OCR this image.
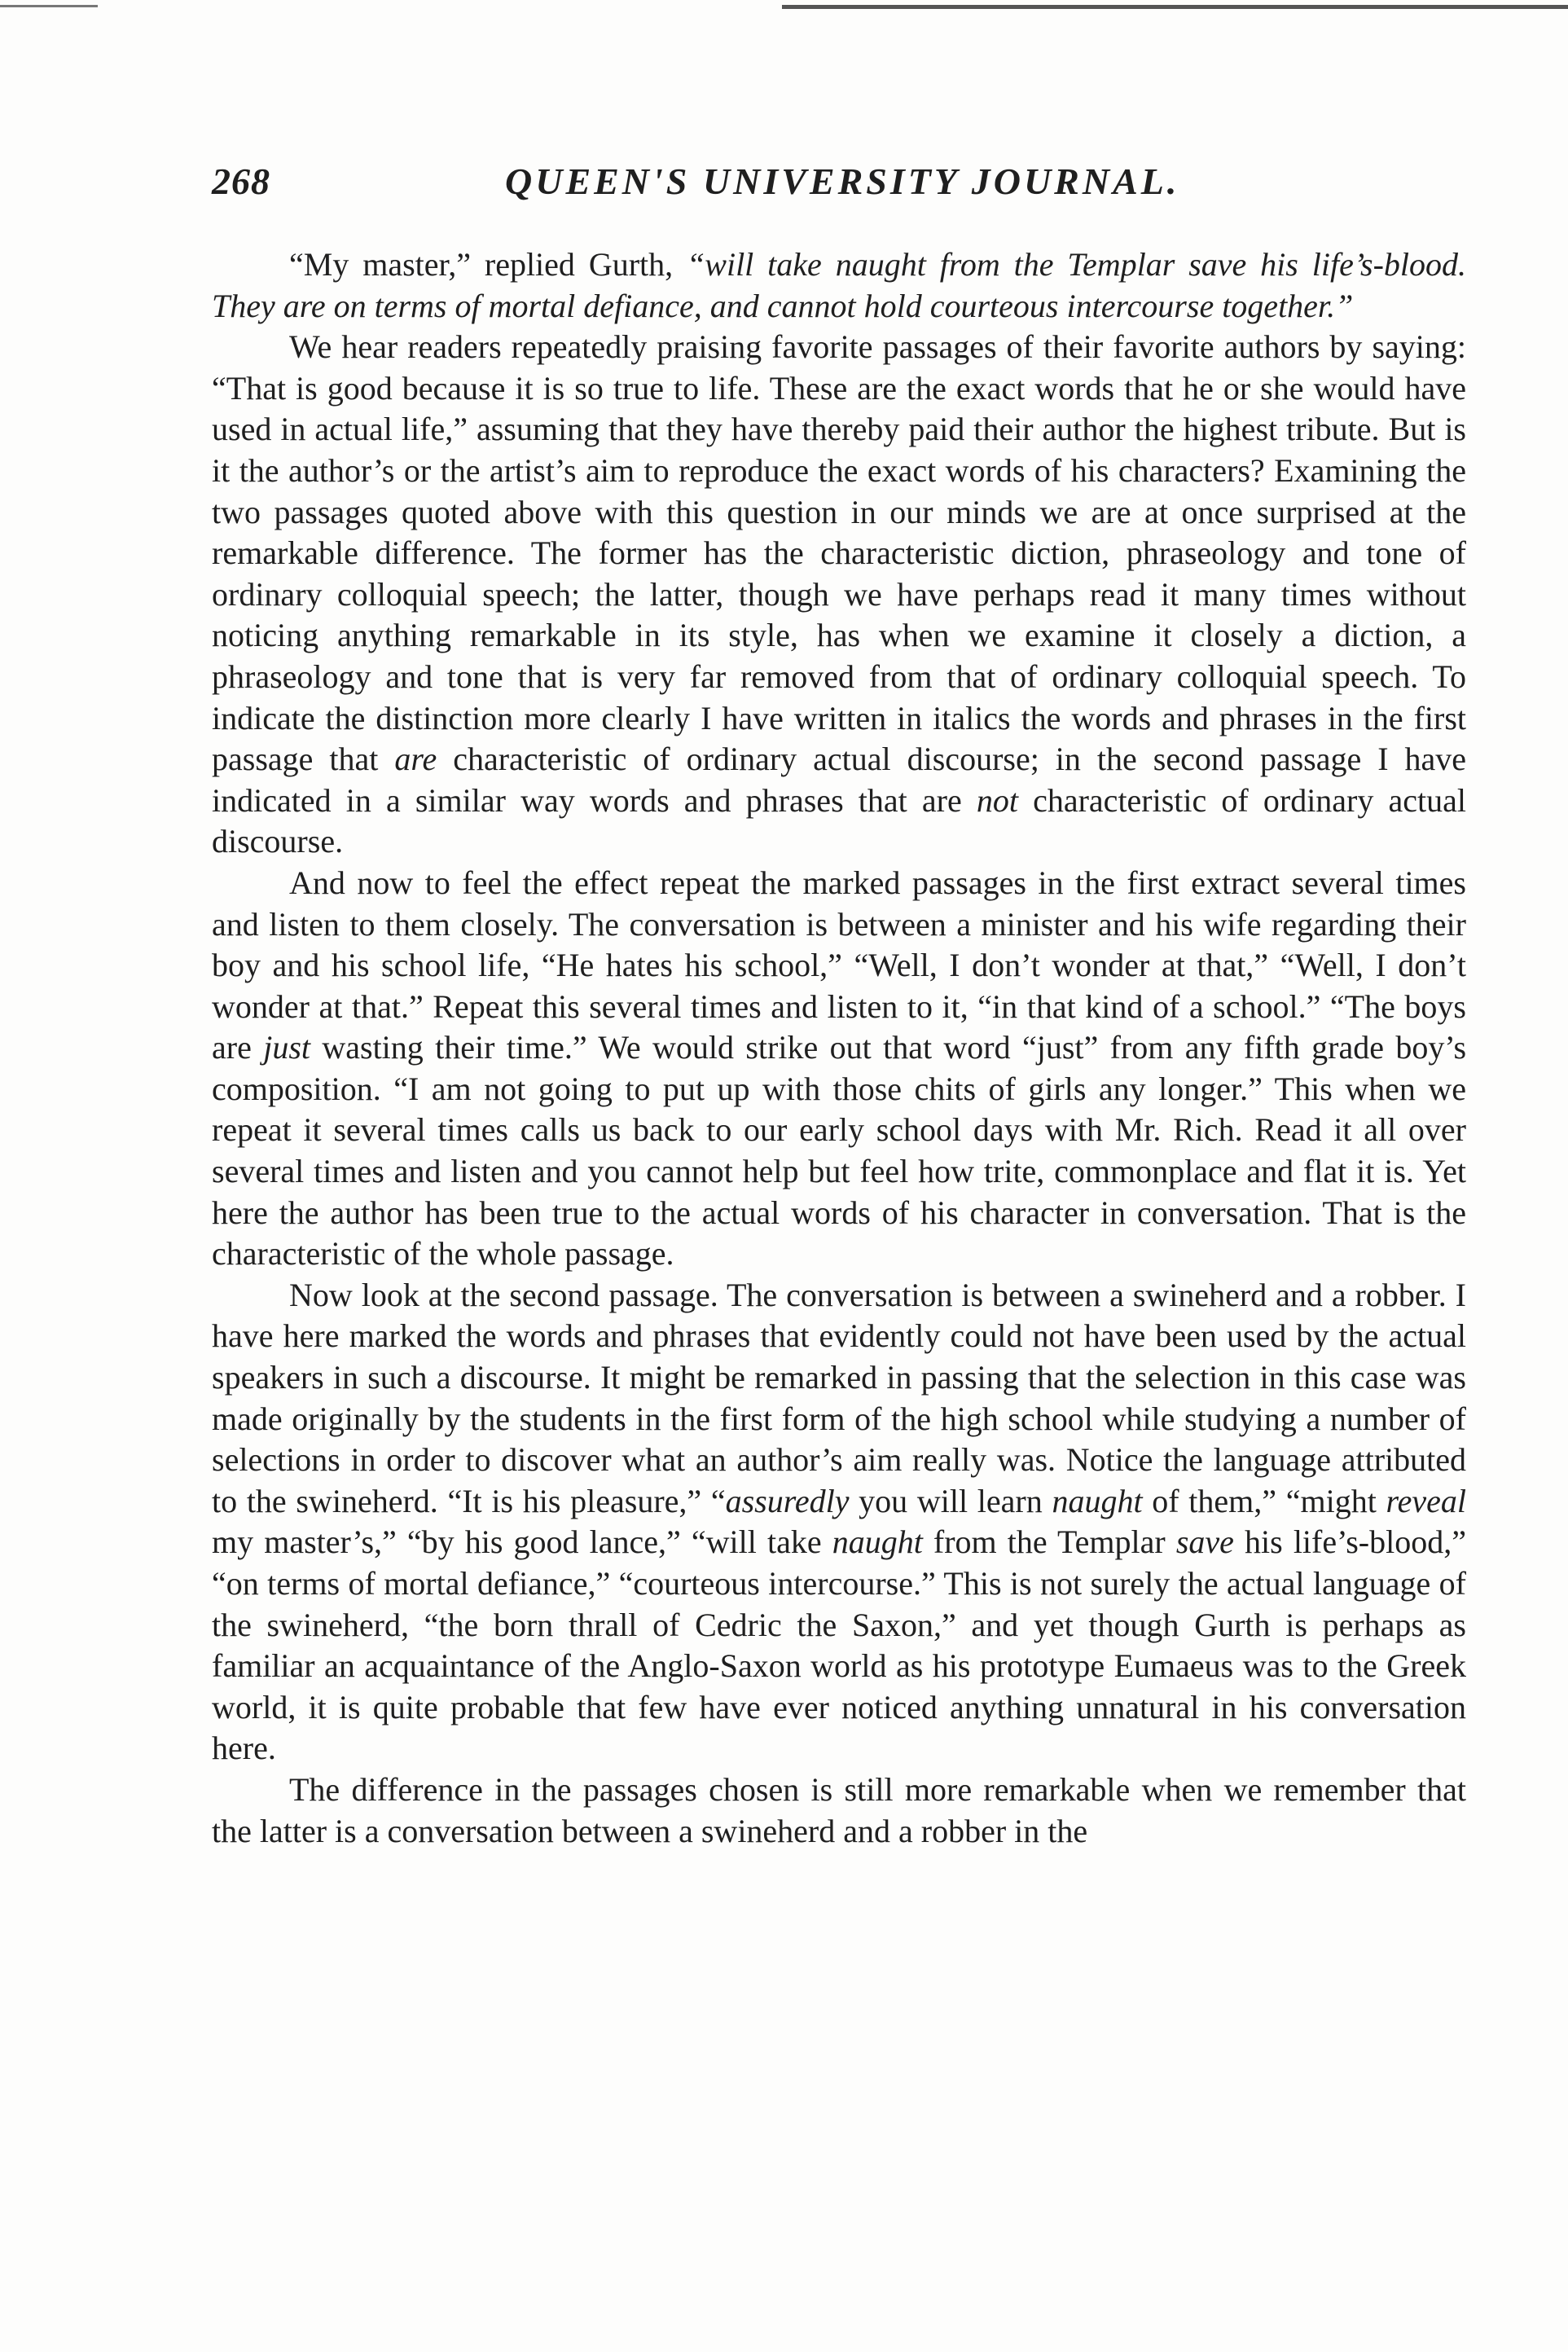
268	QUEEN'S UNIVERSITY JOURNAL.

“My master,” replied Gurth, “will take naught from the Templar save his life’s-blood. They are on terms of mortal defiance, and cannot hold courteous intercourse together.”

We hear readers repeatedly praising favorite passages of their favorite authors by saying: “That is good because it is so true to life. These are the exact words that he or she would have used in actual life,” assuming that they have thereby paid their author the highest tribute. But is it the author’s or the artist’s aim to reproduce the exact words of his characters? Examining the two passages quoted above with this question in our minds we are at once surprised at the remarkable difference. The former has the characteristic diction, phraseology and tone of ordinary colloquial speech; the latter, though we have perhaps read it many times without noticing anything remarkable in its style, has when we examine it closely a diction, a phraseology and tone that is very far removed from that of ordinary colloquial speech. To indicate the distinction more clearly I have written in italics the words and phrases in the first passage that are characteristic of ordinary actual discourse; in the second passage I have indicated in a similar way words and phrases that are not characteristic of ordinary actual discourse.

And now to feel the effect repeat the marked passages in the first extract several times and listen to them closely. The conversation is between a minister and his wife regarding their boy and his school life, “He hates his school,” “Well, I don’t wonder at that,” “Well, I don’t wonder at that.” Repeat this several times and listen to it, “in that kind of a school.” “The boys are just wasting their time.” We would strike out that word “just” from any fifth grade boy’s composition. “I am not going to put up with those chits of girls any longer.” This when we repeat it several times calls us back to our early school days with Mr. Rich. Read it all over several times and listen and you cannot help but feel how trite, commonplace and flat it is. Yet here the author has been true to the actual words of his character in conversation. That is the characteristic of the whole passage.

Now look at the second passage. The conversation is between a swineherd and a robber. I have here marked the words and phrases that evidently could not have been used by the actual speakers in such a discourse. It might be remarked in passing that the selection in this case was made originally by the students in the first form of the high school while studying a number of selections in order to discover what an author’s aim really was. Notice the language attributed to the swineherd. “It is his pleasure,” “assuredly you will learn naught of them,” “might reveal my master’s,” “by his good lance,” “will take naught from the Templar save his life’s-blood,” “on terms of mortal defiance,” “courteous intercourse.” This is not surely the actual language of the swineherd, “the born thrall of Cedric the Saxon,” and yet though Gurth is perhaps as familiar an acquaintance of the Anglo-Saxon world as his prototype Eumaeus was to the Greek world, it is quite probable that few have ever noticed anything unnatural in his conversation here.

The difference in the passages chosen is still more remarkable when we remember that the latter is a conversation between a swineherd and a robber in the
